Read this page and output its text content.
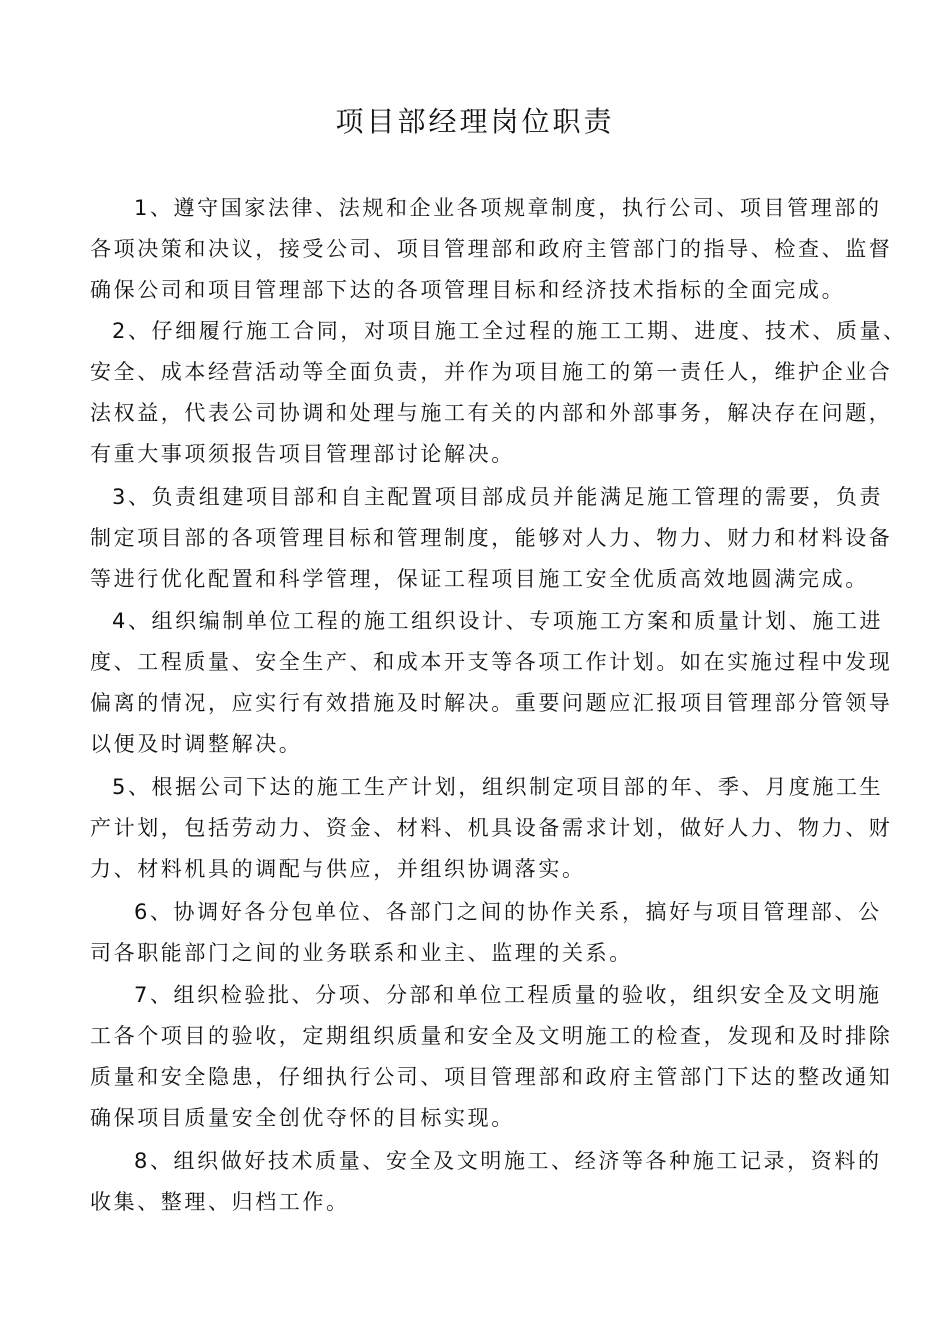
项目部经理岗位职责
1、遵守国家法律、法规和企业各项规章制度，执行公司、项目管理部的
各项决策和决议，接受公司、项目管理部和政府主管部门的指导、检查、监督
确保公司和项目管理部下达的各项管理目标和经济技术指标的全面完成。
2、仔细履行施工合同，对项目施工全过程的施工工期、进度、技术、质量、
安全、成本经营活动等全面负责，并作为项目施工的第一责任人，维护企业合
法权益，代表公司协调和处理与施工有关的内部和外部事务，解决存在问题，
有重大事项须报告项目管理部讨论解决。
3、负责组建项目部和自主配置项目部成员并能满足施工管理的需要，负责
制定项目部的各项管理目标和管理制度，能够对人力、物力、财力和材料设备
等进行优化配置和科学管理，保证工程项目施工安全优质高效地圆满完成。
4、组织编制单位工程的施工组织设计、专项施工方案和质量计划、施工进
度、工程质量、安全生产、和成本开支等各项工作计划。如在实施过程中发现
偏离的情况，应实行有效措施及时解决。重要问题应汇报项目管理部分管领导
以便及时调整解决。
5、根据公司下达的施工生产计划，组织制定项目部的年、季、月度施工生
产计划，包括劳动力、资金、材料、机具设备需求计划，做好人力、物力、财
力、材料机具的调配与供应，并组织协调落实。
6、协调好各分包单位、各部门之间的协作关系，搞好与项目管理部、公
司各职能部门之间的业务联系和业主、监理的关系。
7、组织检验批、分项、分部和单位工程质量的验收，组织安全及文明施
工各个项目的验收，定期组织质量和安全及文明施工的检查，发现和及时排除
质量和安全隐患，仔细执行公司、项目管理部和政府主管部门下达的整改通知
确保项目质量安全创优夺怀的目标实现。
8、组织做好技术质量、安全及文明施工、经济等各种施工记录，资料的
收集、整理、归档工作。
